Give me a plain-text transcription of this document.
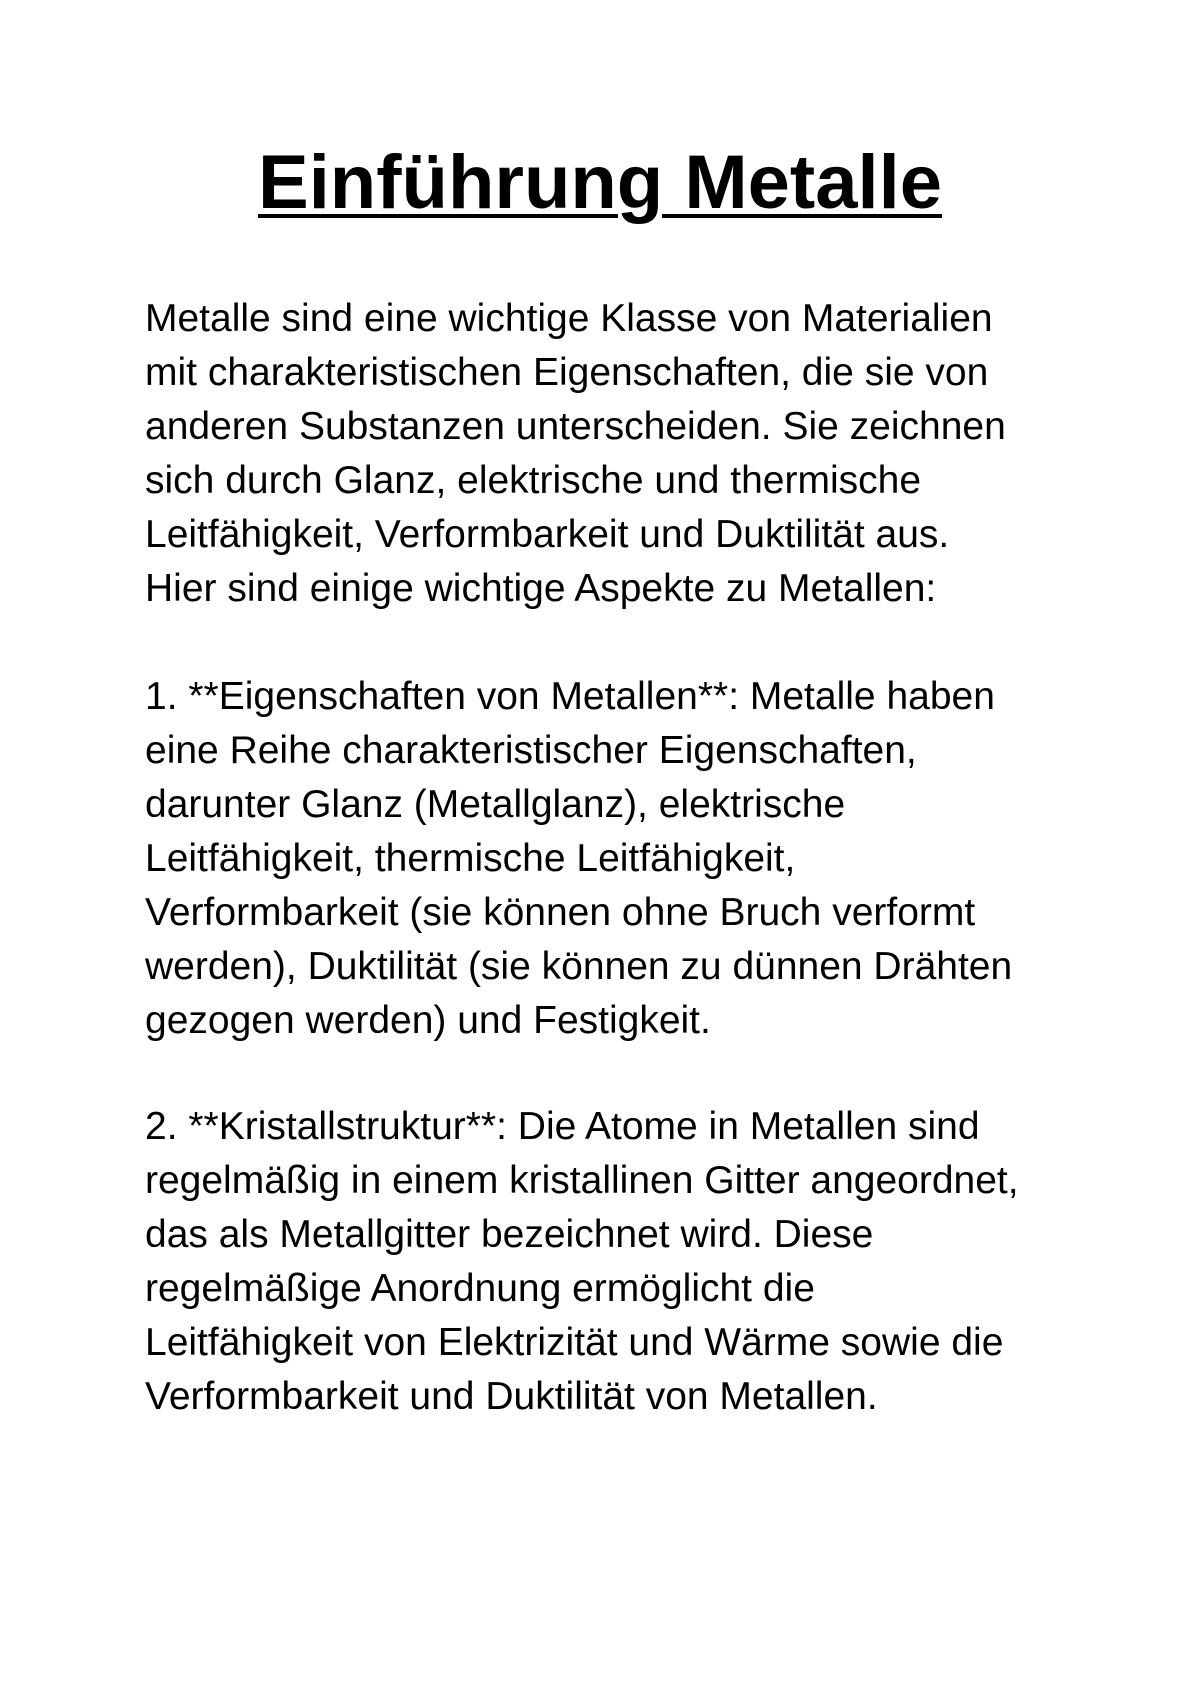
Einführung Metalle

Metalle sind eine wichtige Klasse von Materialien
mit charakteristischen Eigenschaften, die sie von
anderen Substanzen unterscheiden. Sie zeichnen
sich durch Glanz, elektrische und thermische
Leitfähigkeit, Verformbarkeit und Duktilität aus.
Hier sind einige wichtige Aspekte zu Metallen:

1. **Eigenschaften von Metallen**: Metalle haben
eine Reihe charakteristischer Eigenschaften,
darunter Glanz (Metallglanz), elektrische
Leitfähigkeit, thermische Leitfähigkeit,
Verformbarkeit (sie können ohne Bruch verformt
werden), Duktilität (sie können zu dünnen Drähten
gezogen werden) und Festigkeit.

2. **Kristallstruktur**: Die Atome in Metallen sind
regelmäßig in einem kristallinen Gitter angeordnet,
das als Metallgitter bezeichnet wird. Diese
regelmäßige Anordnung ermöglicht die
Leitfähigkeit von Elektrizität und Wärme sowie die
Verformbarkeit und Duktilität von Metallen.
